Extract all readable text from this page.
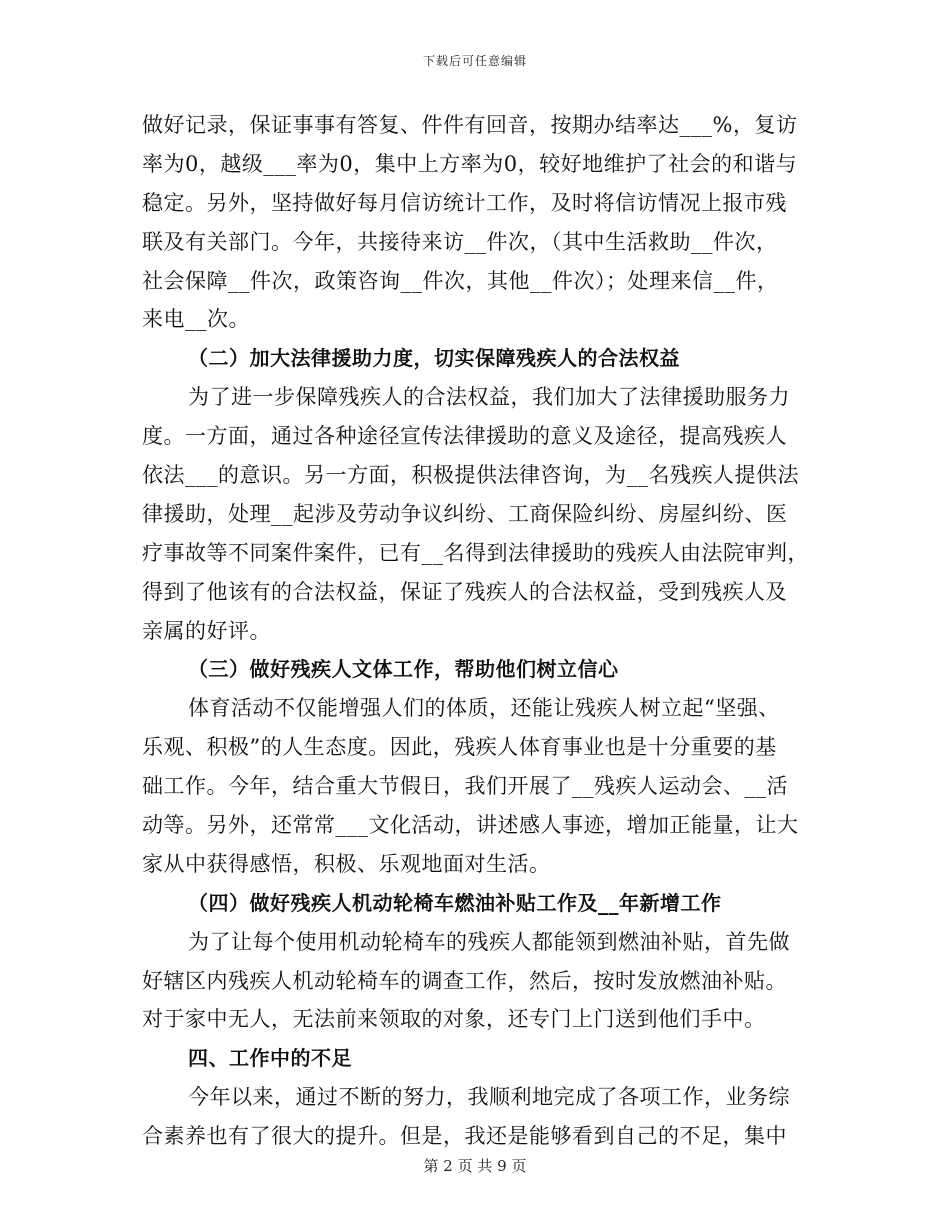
下载后可任意编辑
做好记录，保证事事有答复、件件有回音，按期办结率达___%，复访
率为0，越级___率为0，集中上方率为0，较好地维护了社会的和谐与
稳定。另外，坚持做好每月信访统计工作，及时将信访情况上报市残
联及有关部门。今年，共接待来访__件次，（其中生活救助__件次，
社会保障__件次，政策咨询__件次，其他__件次）；处理来信__件，
来电__次。
（二）加大法律援助力度，切实保障残疾人的合法权益
为了进一步保障残疾人的合法权益，我们加大了法律援助服务力
度。一方面，通过各种途径宣传法律援助的意义及途径，提高残疾人
依法___的意识。另一方面，积极提供法律咨询，为__名残疾人提供法
律援助，处理__起涉及劳动争议纠纷、工商保险纠纷、房屋纠纷、医
疗事故等不同案件案件，已有__名得到法律援助的残疾人由法院审判，
得到了他该有的合法权益，保证了残疾人的合法权益，受到残疾人及
亲属的好评。
（三）做好残疾人文体工作，帮助他们树立信心
体育活动不仅能增强人们的体质，还能让残疾人树立起“坚强、
乐观、积极”的人生态度。因此，残疾人体育事业也是十分重要的基
础工作。今年，结合重大节假日，我们开展了__残疾人运动会、__活
动等。另外，还常常___文化活动，讲述感人事迹，增加正能量，让大
家从中获得感悟，积极、乐观地面对生活。
（四）做好残疾人机动轮椅车燃油补贴工作及__年新增工作
为了让每个使用机动轮椅车的残疾人都能领到燃油补贴，首先做
好辖区内残疾人机动轮椅车的调查工作，然后，按时发放燃油补贴。
对于家中无人，无法前来领取的对象，还专门上门送到他们手中。
四、工作中的不足
今年以来，通过不断的努力，我顺利地完成了各项工作，业务综
合素养也有了很大的提升。但是，我还是能够看到自己的不足，集中
第 2 页 共 9 页
